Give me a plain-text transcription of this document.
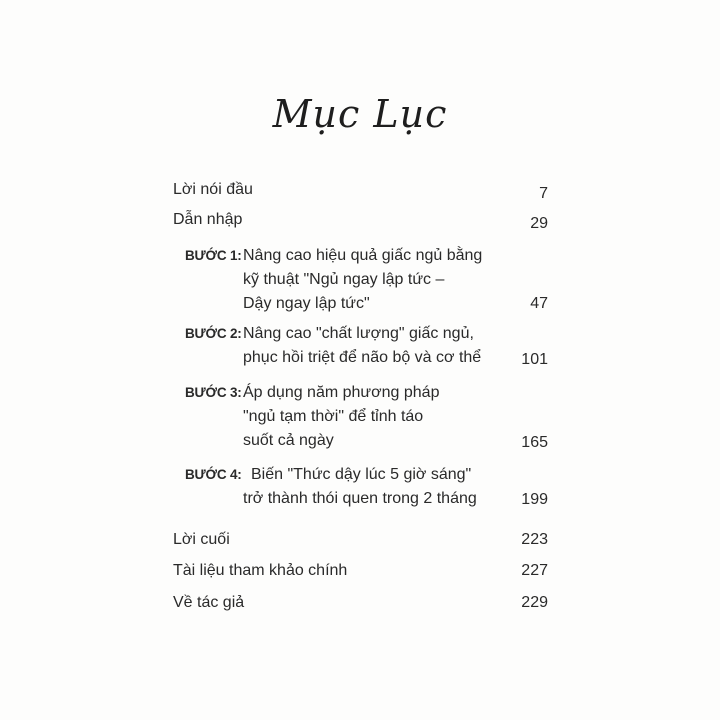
Mục Lục
Lời nói đầu	7
Dẫn nhập	29
BƯỚC 1: Nâng cao hiệu quả giấc ngủ bằng
kỹ thuật "Ngủ ngay lập tức –
Dậy ngay lập tức"	47
BƯỚC 2: Nâng cao "chất lượng" giấc ngủ,
phục hồi triệt để não bộ và cơ thể	101
BƯỚC 3: Áp dụng năm phương pháp
"ngủ tạm thời" để tỉnh táo
suốt cả ngày	165
BƯỚC 4: Biến "Thức dậy lúc 5 giờ sáng"
trở thành thói quen trong 2 tháng	199
Lời cuối	223
Tài liệu tham khảo chính	227
Về tác giả	229
